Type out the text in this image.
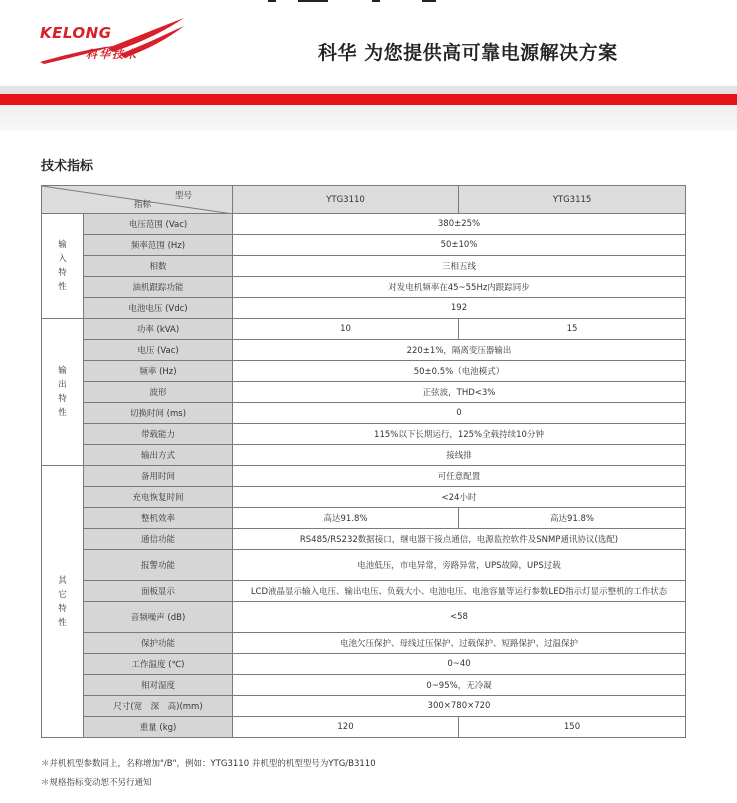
KELONG
科华技术	科华 为您提供高可靠电源解决方案
技术指标
型号
指标		YTG3110	YTG3115
输入特性	电压范围 (Vac)	380±25%	
	频率范围 (Hz)	50±10%	
	相数	三相五线	
	油机跟踪功能	对发电机频率在45~55Hz内跟踪同步	
	电池电压 (Vdc)	192	
输出特性	功率 (kVA)	10	15
	电压 (Vac)	220±1%，隔离变压器输出	
	频率 (Hz)	50±0.5%（电池模式）	
	波形	正弦波，THD<3%	
	切换时间 (ms)	0	
	带载能力	115%以下长期运行，125%全载持续10分钟	
	输出方式	接线排	
其它特性	备用时间	可任意配置	
	充电恢复时间	<24小时	
	整机效率	高达91.8%	高达91.8%
	通信功能	RS485/RS232数据接口，继电器干接点通信，电源监控软件及SNMP通讯协议(选配)	
	报警功能	电池低压，市电异常，旁路异常，UPS故障，UPS过载	
	面板显示	LCD液晶显示输入电压、输出电压、负载大小、电池电压、电池容量等运行参数LED指示灯显示整机的工作状态	
	音频噪声 (dB)	<58	
	保护功能	电池欠压保护、母线过压保护、过载保护、短路保护、过温保护	
	工作温度 (℃)	0~40	
	相对湿度	0~95%，无冷凝	
	尺寸(宽　深　高)(mm)	300×780×720	
	重量 (kg)	120	150
＊并机机型参数同上，名称增加"/B"，例如：YTG3110 并机型的机型型号为YTG/B3110
＊规格指标变动恕不另行通知
